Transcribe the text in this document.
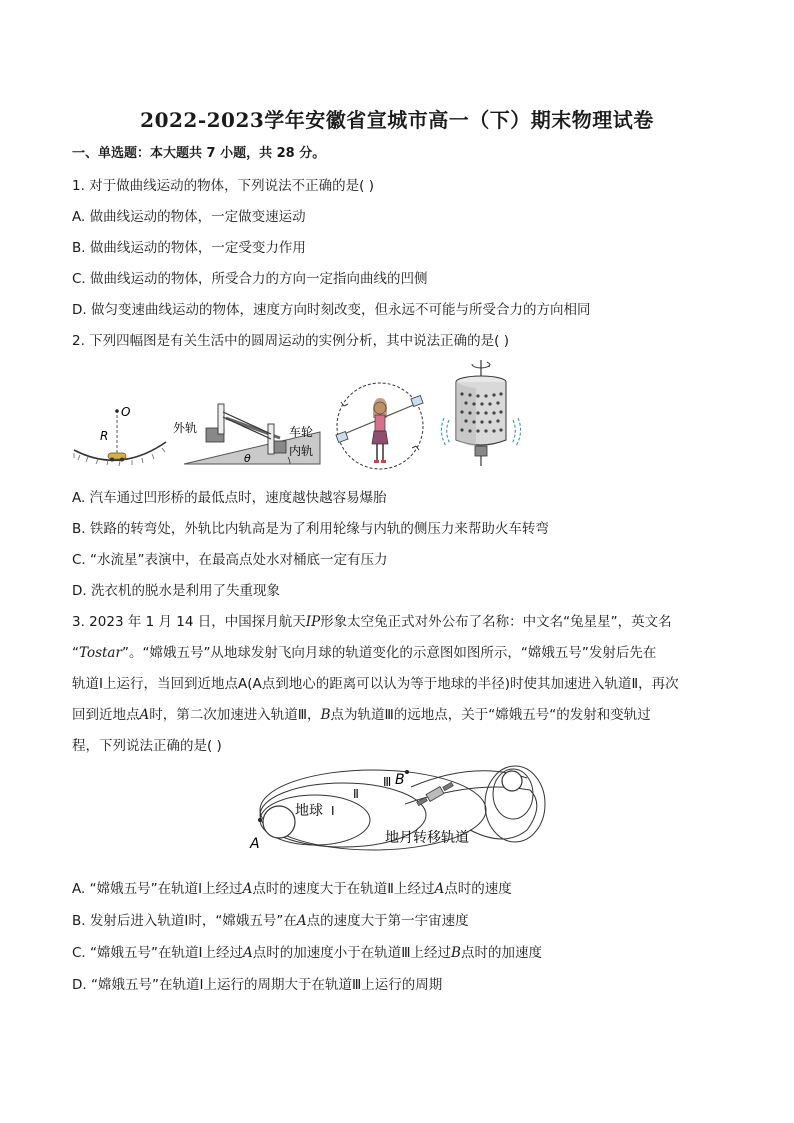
2022-2023学年安徽省宣城市高一（下）期末物理试卷
一、单选题：本大题共 7 小题，共 28 分。
1. 对于做曲线运动的物体，下列说法不正确的是( )
A. 做曲线运动的物体，一定做变速运动
B. 做曲线运动的物体，一定受变力作用
C. 做曲线运动的物体，所受合力的方向一定指向曲线的凹侧
D. 做匀变速曲线运动的物体，速度方向时刻改变，但永远不可能与所受合力的方向相同
2. 下列四幅图是有关生活中的圆周运动的实例分析，其中说法正确的是( )
O
R
外轨	车轮
内轨
θ
A. 汽车通过凹形桥的最低点时，速度越快越容易爆胎
B. 铁路的转弯处，外轨比内轨高是为了利用轮缘与内轨的侧压力来帮助火车转弯
C. “水流星”表演中，在最高点处水对桶底一定有压力
D. 洗衣机的脱水是利用了失重现象
3. 2023 年 1 月 14 日，中国探月航天IP形象太空兔正式对外公布了名称：中文名“兔星星”，英文名
“Tostar”。“嫦娥五号”从地球发射飞向月球的轨道变化的示意图如图所示，“嫦娥五号”发射后先在
轨道Ⅰ上运行，当回到近地点A(A点到地心的距离可以认为等于地球的半径)时使其加速进入轨道Ⅱ，再次
回到近地点A时，第二次加速进入轨道Ⅲ，B点为轨道Ⅲ的远地点，关于“嫦娥五号“的发射和变轨过
程，下列说法正确的是( )
地球 Ⅰ
Ⅱ
Ⅲ B
A	地月转移轨道
A. “嫦娥五号”在轨道Ⅰ上经过A点时的速度大于在轨道Ⅱ上经过A点时的速度
B. 发射后进入轨道Ⅰ时，“嫦娥五号”在A点的速度大于第一宇宙速度
C. “嫦娥五号”在轨道Ⅰ上经过A点时的加速度小于在轨道Ⅲ上经过B点时的加速度
D. “嫦娥五号”在轨道Ⅰ上运行的周期大于在轨道Ⅲ上运行的周期
